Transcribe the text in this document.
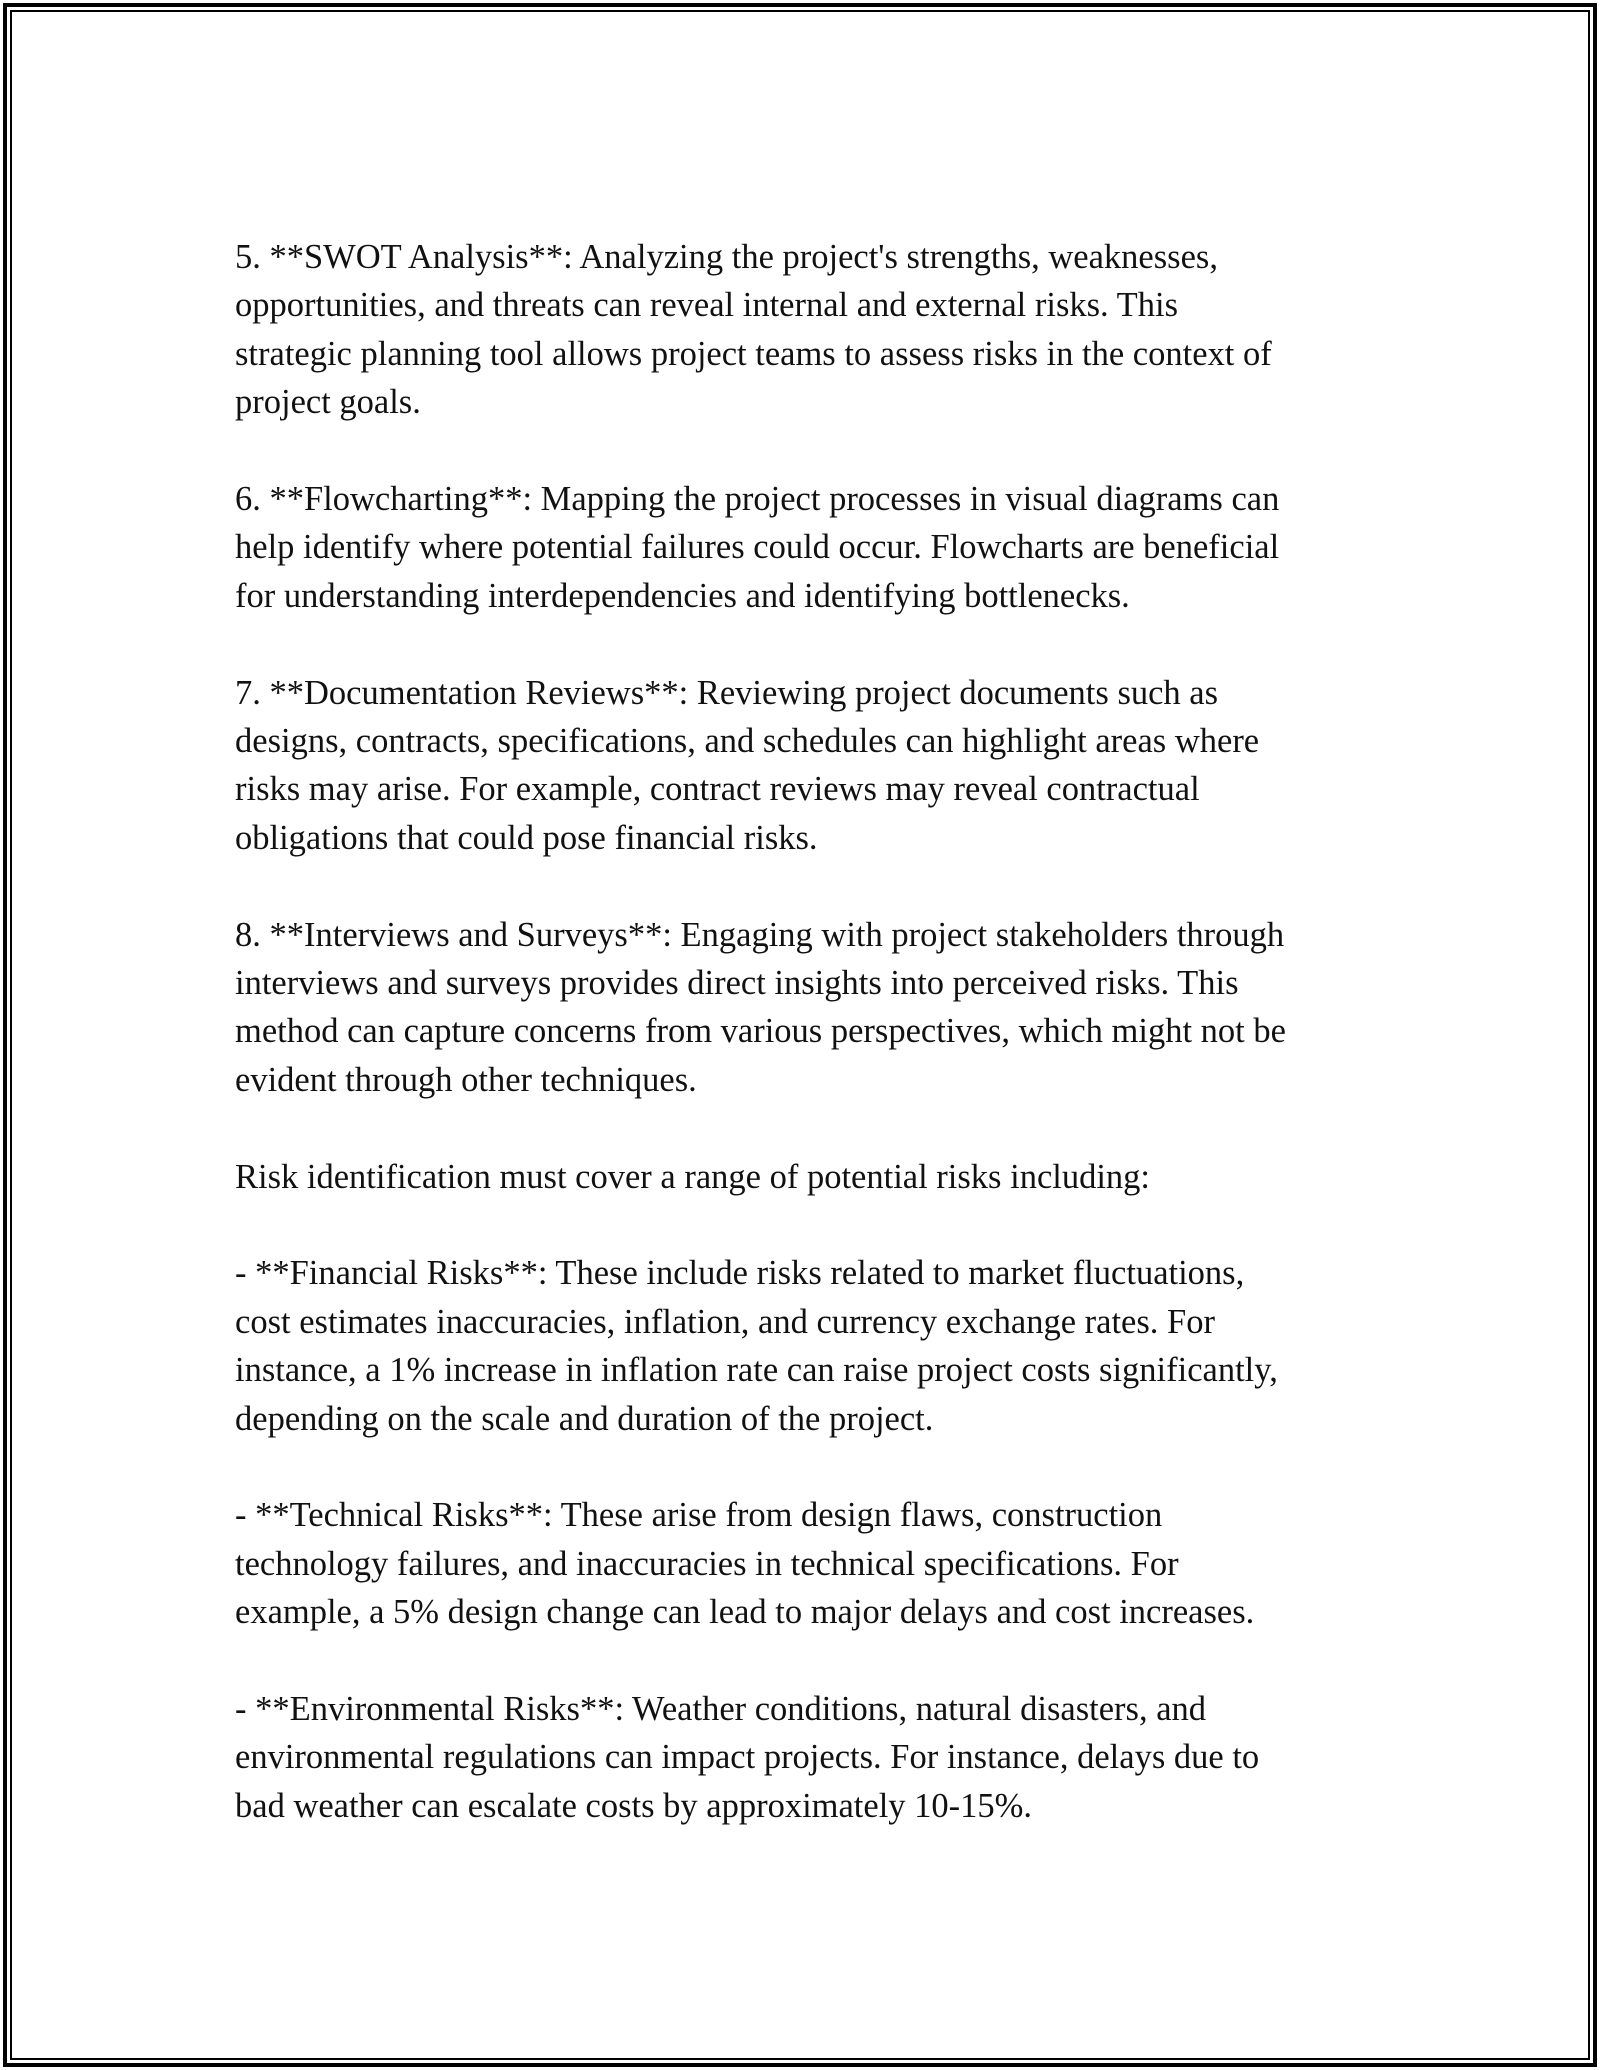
5. **SWOT Analysis**: Analyzing the project's strengths, weaknesses,
opportunities, and threats can reveal internal and external risks. This
strategic planning tool allows project teams to assess risks in the context of
project goals.

6. **Flowcharting**: Mapping the project processes in visual diagrams can
help identify where potential failures could occur. Flowcharts are beneficial
for understanding interdependencies and identifying bottlenecks.

7. **Documentation Reviews**: Reviewing project documents such as
designs, contracts, specifications, and schedules can highlight areas where
risks may arise. For example, contract reviews may reveal contractual
obligations that could pose financial risks.

8. **Interviews and Surveys**: Engaging with project stakeholders through
interviews and surveys provides direct insights into perceived risks. This
method can capture concerns from various perspectives, which might not be
evident through other techniques.

Risk identification must cover a range of potential risks including:

- **Financial Risks**: These include risks related to market fluctuations,
cost estimates inaccuracies, inflation, and currency exchange rates. For
instance, a 1% increase in inflation rate can raise project costs significantly,
depending on the scale and duration of the project.

- **Technical Risks**: These arise from design flaws, construction
technology failures, and inaccuracies in technical specifications. For
example, a 5% design change can lead to major delays and cost increases.

- **Environmental Risks**: Weather conditions, natural disasters, and
environmental regulations can impact projects. For instance, delays due to
bad weather can escalate costs by approximately 10-15%.
